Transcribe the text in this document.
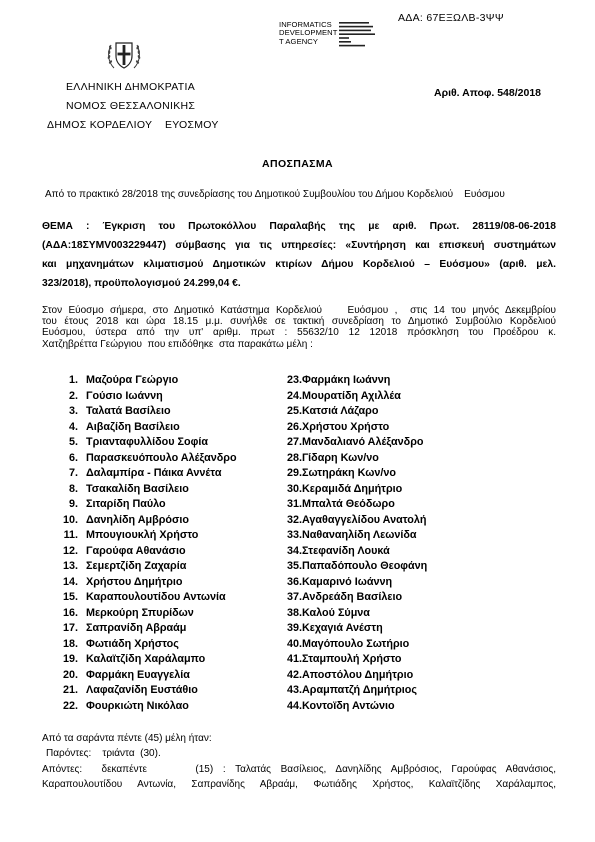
ΑΔΑ: 67ΕΞΩΛΒ-3ΨΨ
INFORMATICS
DEVELOPMENT
T AGENCY
ΕΛΛΗΝΙΚΗ ΔΗΜΟΚΡΑΤΙΑ
ΝΟΜΟΣ ΘΕΣΣΑΛΟΝΙΚΗΣ
ΔΗΜΟΣ ΚΟΡΔΕΛΙΟΥ    ΕΥΟΣΜΟΥ
Αριθ. Αποφ. 548/2018
ΑΠΟΣΠΑΣΜΑ
Από το πρακτικό 28/2018 της συνεδρίασης του Δημοτικού Συμβουλίου του Δήμου Κορδελιού    Ευόσμου
ΘΕΜΑ : Έγκριση του Πρωτοκόλλου Παραλαβής της με αριθ. Πρωτ. 28119/08-06-2018
(ΑΔΑ:18ΣΥΜV003229447) σύμβασης για τις υπηρεσίες: «Συντήρηση και επισκευή συστημάτων
και μηχανημάτων κλιματισμού Δημοτικών κτιρίων Δήμου Κορδελιού – Ευόσμου» (αριθ. μελ.
323/2018), προϋπολογισμού 24.299,04 €.
Στον Εύοσμο σήμερα, στο Δημοτικό Κατάστημα Κορδελιού    Ευόσμου ,  στις 14 του μηνός Δεκεμβρίου
του έτους 2018 και ώρα 18.15 μ.μ. συνήλθε σε τακτική συνεδρίαση το Δημοτικό Συμβούλιο Κορδελιού
Ευόσμου, ύστερα από την υπ' αριθμ. πρωτ : 55632/10 12 12018 πρόσκληση του Προέδρου κ.
Χατζηβρέττα Γεώργιου  που επιδόθηκε  στα παρακάτω μέλη :
1. Μαζούρα Γεώργιο
2. Γούσιο Ιωάννη
3. Ταλατά Βασίλειο
4. Αιβαζίδη Βασίλειο
5. Τριανταφυλλίδου Σοφία
6. Παρασκευόπουλο Αλέξανδρο
7. Δαλαμπίρα - Πάικα Αννέτα
8. Τσακαλίδη Βασίλειο
9. Σιταρίδη Παύλο
10. Δανηλίδη Αμβρόσιο
11. Μπουγιουκλή Χρήστο
12. Γαρούφα Αθανάσιο
13. Σεμερτζίδη Ζαχαρία
14. Χρήστου Δημήτριο
15. Καραπουλουτίδου Αντωνία
16. Μερκούρη Σπυρίδων
17. Σαπρανίδη Αβραάμ
18. Φωτιάδη Χρήστος
19. Καλαϊτζίδη Χαράλαμπο
20. Φαρμάκη Ευαγγελία
21. Λαφαζανίδη Ευστάθιο
22. Φουρκιώτη Νικόλαο
23.Φαρμάκη Ιωάννη
24.Μουρατίδη Αχιλλέα
25.Κατσιά Λάζαρο
26.Χρήστου Χρήστο
27.Μανδαλιανό Αλέξανδρο
28.Γίδαρη Κων/νο
29.Σωτηράκη Κων/νο
30.Κεραμιδά Δημήτριο
31.Μπαλτά Θεόδωρο
32.Αγαθαγγελίδου Ανατολή
33.Ναθαναηλίδη Λεωνίδα
34.Στεφανίδη Λουκά
35.Παπαδόπουλο Θεοφάνη
36.Καμαρινό Ιωάννη
37.Ανδρεάδη Βασίλειο
38.Καλού Σύμνα
39.Κεχαγιά Ανέστη
40.Μαγόπουλο Σωτήριο
41.Σταμπουλή Χρήστο
42.Αποστόλου Δημήτριο
43.Αραμπατζή Δημήτριος
44.Κοντοϊδη Αντώνιο
Από τα σαράντα πέντε (45) μέλη ήταν:
Παρόντες:    τριάντα  (30).
Απόντες:  δεκαπέντε     (15) : Ταλατάς Βασίλειος, Δανηλίδης Αμβρόσιος, Γαρούφας Αθανάσιος,
Καραπουλουτίδου Αντωνία, Σαπρανίδης Αβραάμ, Φωτιάδης Χρήστος, Καλαϊτζίδης Χαράλαμπος,
